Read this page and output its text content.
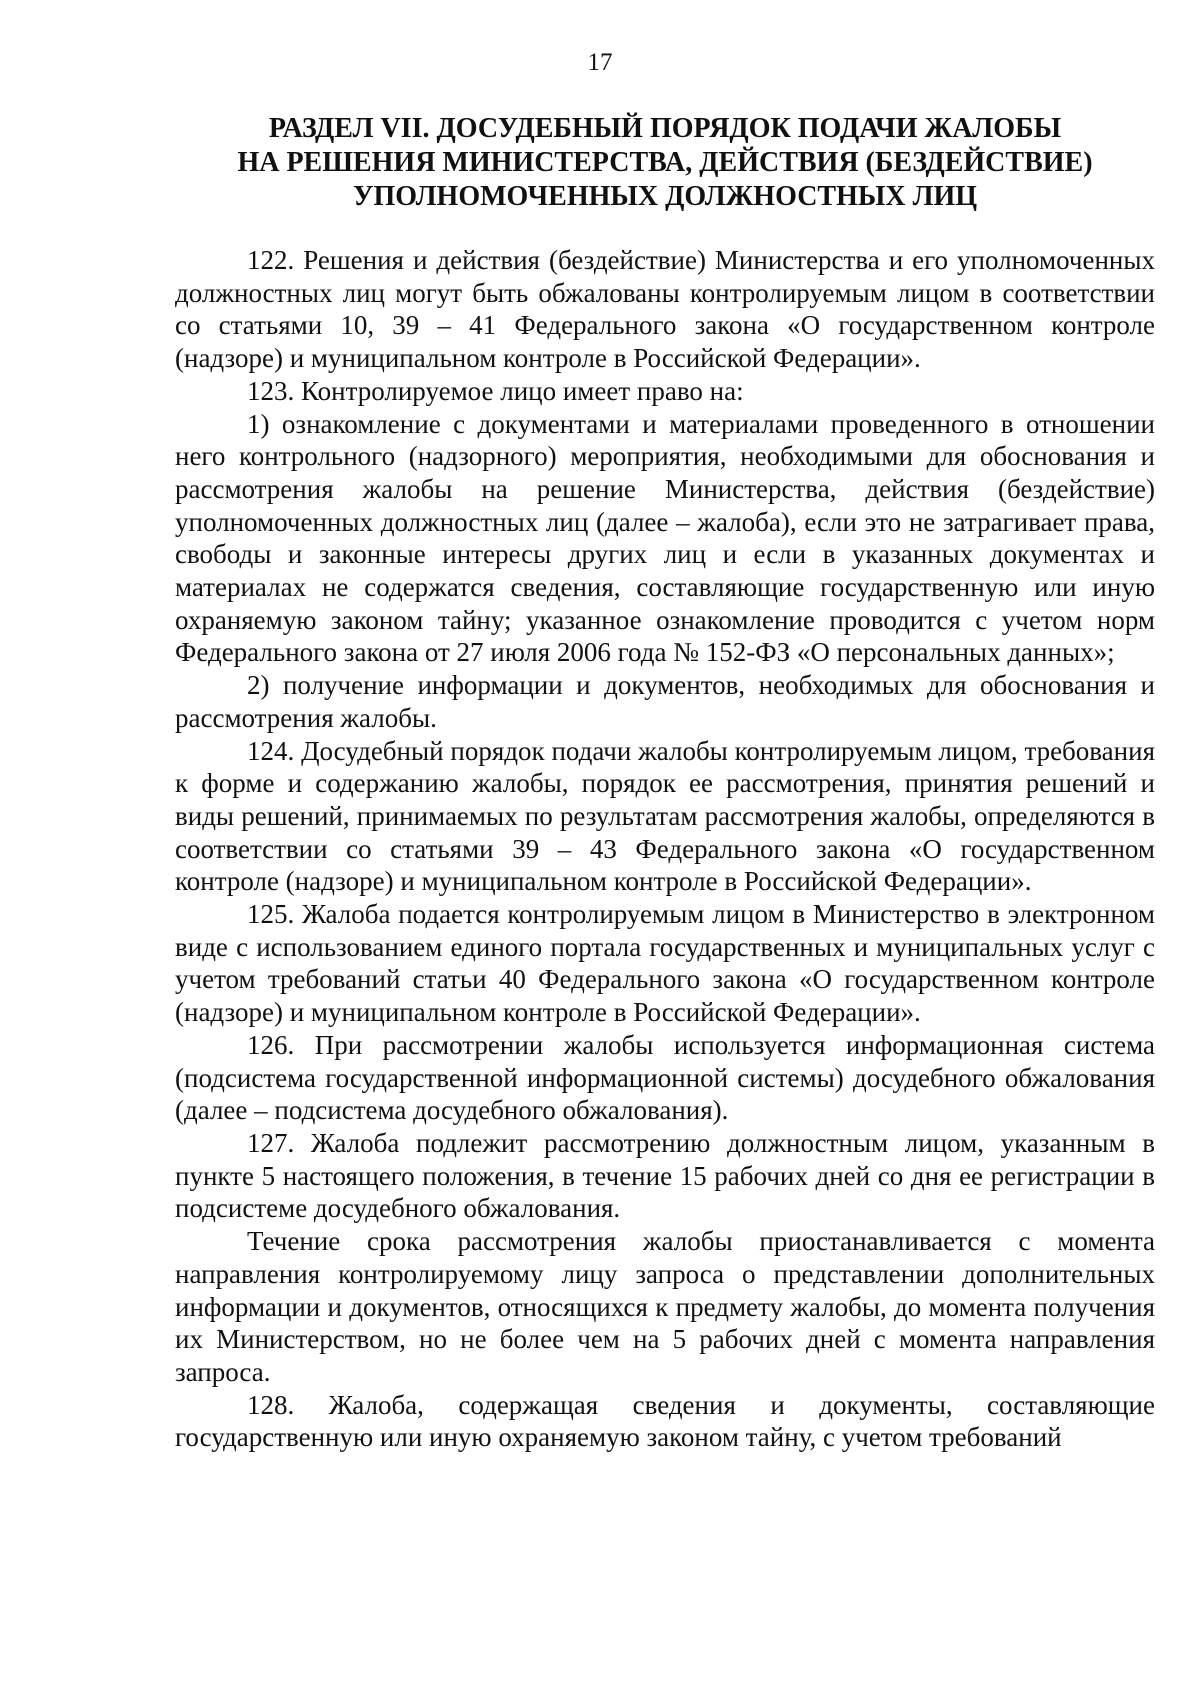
17
РАЗДЕЛ VII. ДОСУДЕБНЫЙ ПОРЯДОК ПОДАЧИ ЖАЛОБЫ
НА РЕШЕНИЯ МИНИСТЕРСТВА, ДЕЙСТВИЯ (БЕЗДЕЙСТВИЕ)
УПОЛНОМОЧЕННЫХ ДОЛЖНОСТНЫХ ЛИЦ

122. Решения и действия (бездействие) Министерства и его уполномоченных должностных лиц могут быть обжалованы контролируемым лицом в соответствии со статьями 10, 39 – 41 Федерального закона «О государственном контроле (надзоре) и муниципальном контроле в Российской Федерации».

123. Контролируемое лицо имеет право на:

1) ознакомление с документами и материалами проведенного в отношении него контрольного (надзорного) мероприятия, необходимыми для обоснования и рассмотрения жалобы на решение Министерства, действия (бездействие) уполномоченных должностных лиц (далее – жалоба), если это не затрагивает права, свободы и законные интересы других лиц и если в указанных документах и материалах не содержатся сведения, составляющие государственную или иную охраняемую законом тайну; указанное ознакомление проводится с учетом норм Федерального закона от 27 июля 2006 года № 152-ФЗ «О персональных данных»;

2) получение информации и документов, необходимых для обоснования и рассмотрения жалобы.

124. Досудебный порядок подачи жалобы контролируемым лицом, требования к форме и содержанию жалобы, порядок ее рассмотрения, принятия решений и виды решений, принимаемых по результатам рассмотрения жалобы, определяются в соответствии со статьями 39 – 43 Федерального закона «О государственном контроле (надзоре) и муниципальном контроле в Российской Федерации».

125. Жалоба подается контролируемым лицом в Министерство в электронном виде с использованием единого портала государственных и муниципальных услуг с учетом требований статьи 40 Федерального закона «О государственном контроле (надзоре) и муниципальном контроле в Российской Федерации».

126. При рассмотрении жалобы используется информационная система (подсистема государственной информационной системы) досудебного обжалования (далее – подсистема досудебного обжалования).

127. Жалоба подлежит рассмотрению должностным лицом, указанным в пункте 5 настоящего положения, в течение 15 рабочих дней со дня ее регистрации в подсистеме досудебного обжалования.

Течение срока рассмотрения жалобы приостанавливается с момента направления контролируемому лицу запроса о представлении дополнительных информации и документов, относящихся к предмету жалобы, до момента получения их Министерством, но не более чем на 5 рабочих дней с момента направления запроса.

128. Жалоба, содержащая сведения и документы, составляющие государственную или иную охраняемую законом тайну, с учетом требований
